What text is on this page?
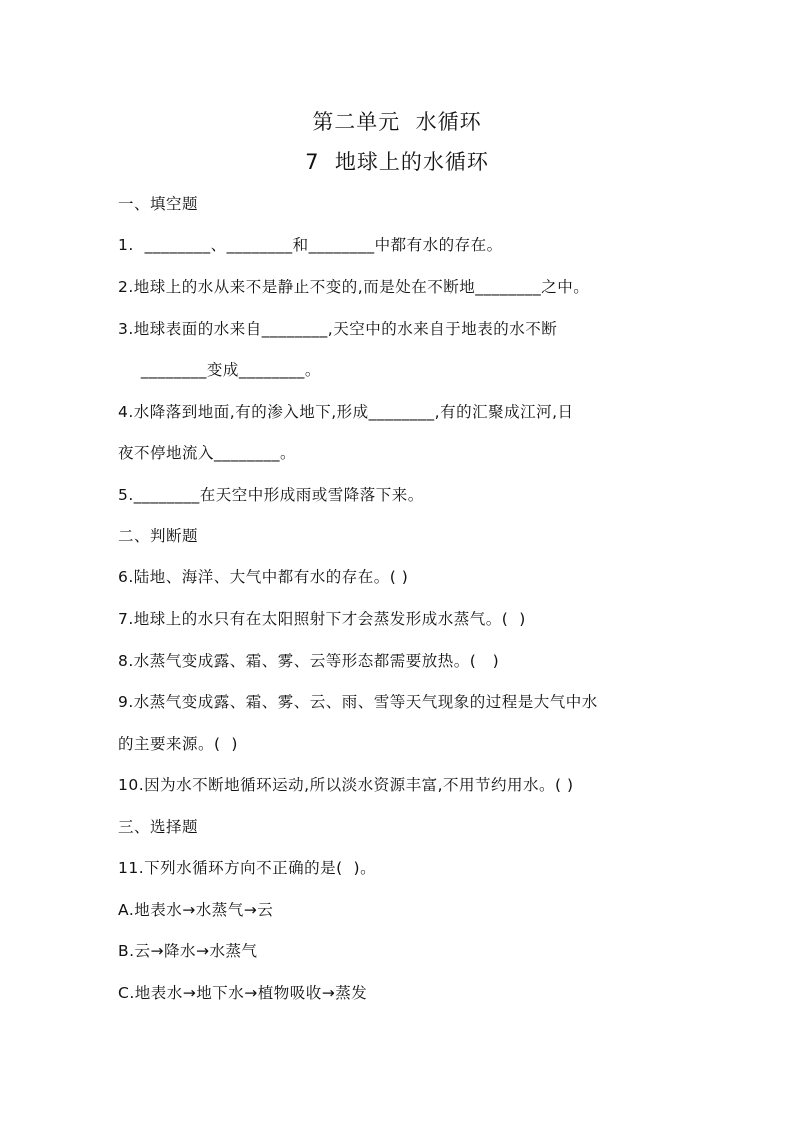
第二单元  水循环
7  地球上的水循环
一、填空题
1.  ________、________和________中都有水的存在。
2.地球上的水从来不是静止不变的,而是处在不断地________之中。
3.地球表面的水来自________,天空中的水来自于地表的水不断
________变成________。
4.水降落到地面,有的渗入地下,形成________,有的汇聚成江河,日
夜不停地流入________。
5.________在天空中形成雨或雪降落下来。
二、判断题
6.陆地、海洋、大气中都有水的存在。( )
7.地球上的水只有在太阳照射下才会蒸发形成水蒸气。(  )
8.水蒸气变成露、霜、雾、云等形态都需要放热。(   )
9.水蒸气变成露、霜、雾、云、雨、雪等天气现象的过程是大气中水
的主要来源。(  )
10.因为水不断地循环运动,所以淡水资源丰富,不用节约用水。( )
三、选择题
11.下列水循环方向不正确的是(  )。
A.地表水→水蒸气→云
B.云→降水→水蒸气
C.地表水→地下水→植物吸收→蒸发
